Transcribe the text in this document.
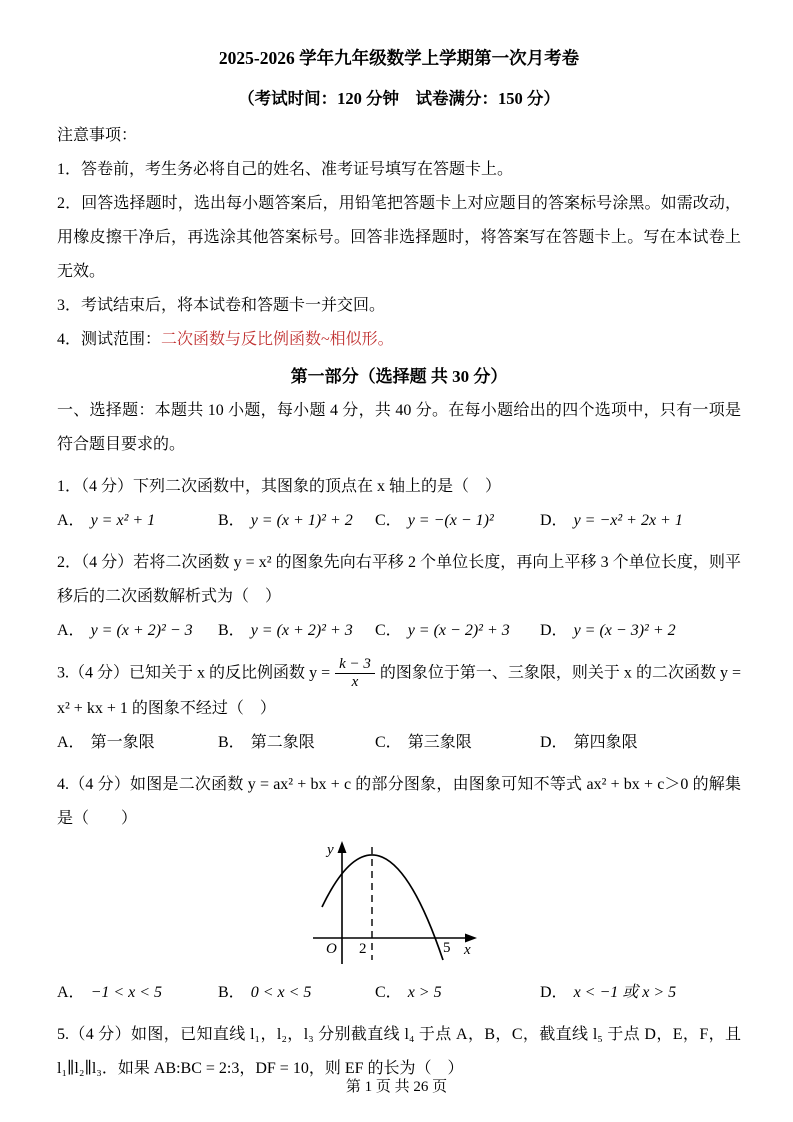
2025-2026 学年九年级数学上学期第一次月考卷

（考试时间：120 分钟　试卷满分：150 分）

注意事项：

1．答卷前，考生务必将自己的姓名、准考证号填写在答题卡上。

2．回答选择题时，选出每小题答案后，用铅笔把答题卡上对应题目的答案标号涂黑。如需改动，用橡皮擦干净后，再选涂其他答案标号。回答非选择题时，将答案写在答题卡上。写在本试卷上无效。

3．考试结束后，将本试卷和答题卡一并交回。

4．测试范围：二次函数与反比例函数~相似形。

第一部分（选择题 共 30 分）

一、选择题：本题共 10 小题，每小题 4 分，共 40 分。在每小题给出的四个选项中，只有一项是符合题目要求的。

1．（4 分）下列二次函数中，其图象的顶点在 x 轴上的是（　）

A． y = x² + 1	B． y = (x + 1)² + 2	C． y = −(x − 1)²	D． y = −x² + 2x + 1

2．（4 分）若将二次函数 y = x² 的图象先向右平移 2 个单位长度，再向上平移 3 个单位长度，则平移后的二次函数解析式为（　）

A． y = (x + 2)² − 3	B． y = (x + 2)² + 3	C． y = (x − 2)² + 3	D． y = (x − 3)² + 2

3.（4 分）已知关于 x 的反比例函数 $y = \frac{k - 3}{x}$ 的图象位于第一、三象限，则关于 x 的二次函数 y = x² + kx + 1 的图象不经过（　）

A． 第一象限	B． 第二象限	C． 第三象限	D． 第四象限

4.（4 分）如图是二次函数 y = ax² + bx + c 的部分图象，由图象可知不等式 ax² + bx + c＞0 的解集是（　　）

y
x
O 2	5
A． −1 < x < 5	B． 0 < x < 5	C． x > 5	D． x < −1 或 x > 5

5.（4 分）如图，已知直线 l₁，l₂，l₃ 分别截直线 l₄ 于点 A，B，C，截直线 l₅ 于点 D，E，F，且 l₁∥l₂∥l₃．如果 AB:BC = 2:3，DF = 10，则 EF 的长为（　）

第 1 页 共 26 页
